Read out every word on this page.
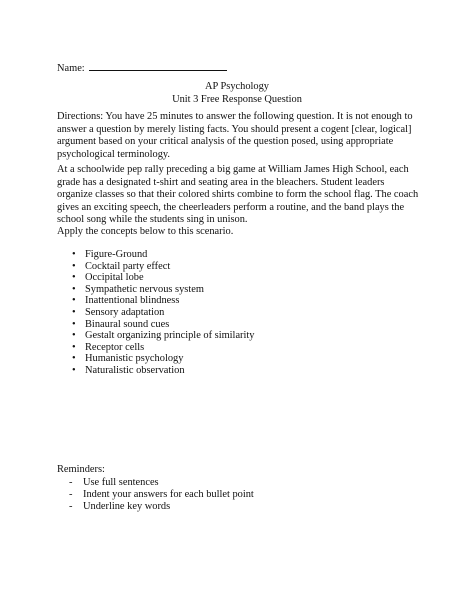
Name:
AP Psychology
Unit 3 Free Response Question
Directions: You have 25 minutes to answer the following question. It is not enough to answer a question by merely listing facts. You should present a cogent [clear, logical] argument based on your critical analysis of the question posed, using appropriate psychological terminology.
At a schoolwide pep rally preceding a big game at William James High School, each grade has a designated t-shirt and seating area in the bleachers. Student leaders organize classes so that their colored shirts combine to form the school flag. The coach gives an exciting speech, the cheerleaders perform a routine, and the band plays the school song while the students sing in unison.
Apply the concepts below to this scenario.
• Figure-Ground
• Cocktail party effect
• Occipital lobe
• Sympathetic nervous system
• Inattentional blindness
• Sensory adaptation
• Binaural sound cues
• Gestalt organizing principle of similarity
• Receptor cells
• Humanistic psychology
• Naturalistic observation
Reminders:
- Use full sentences
- Indent your answers for each bullet point
- Underline key words
